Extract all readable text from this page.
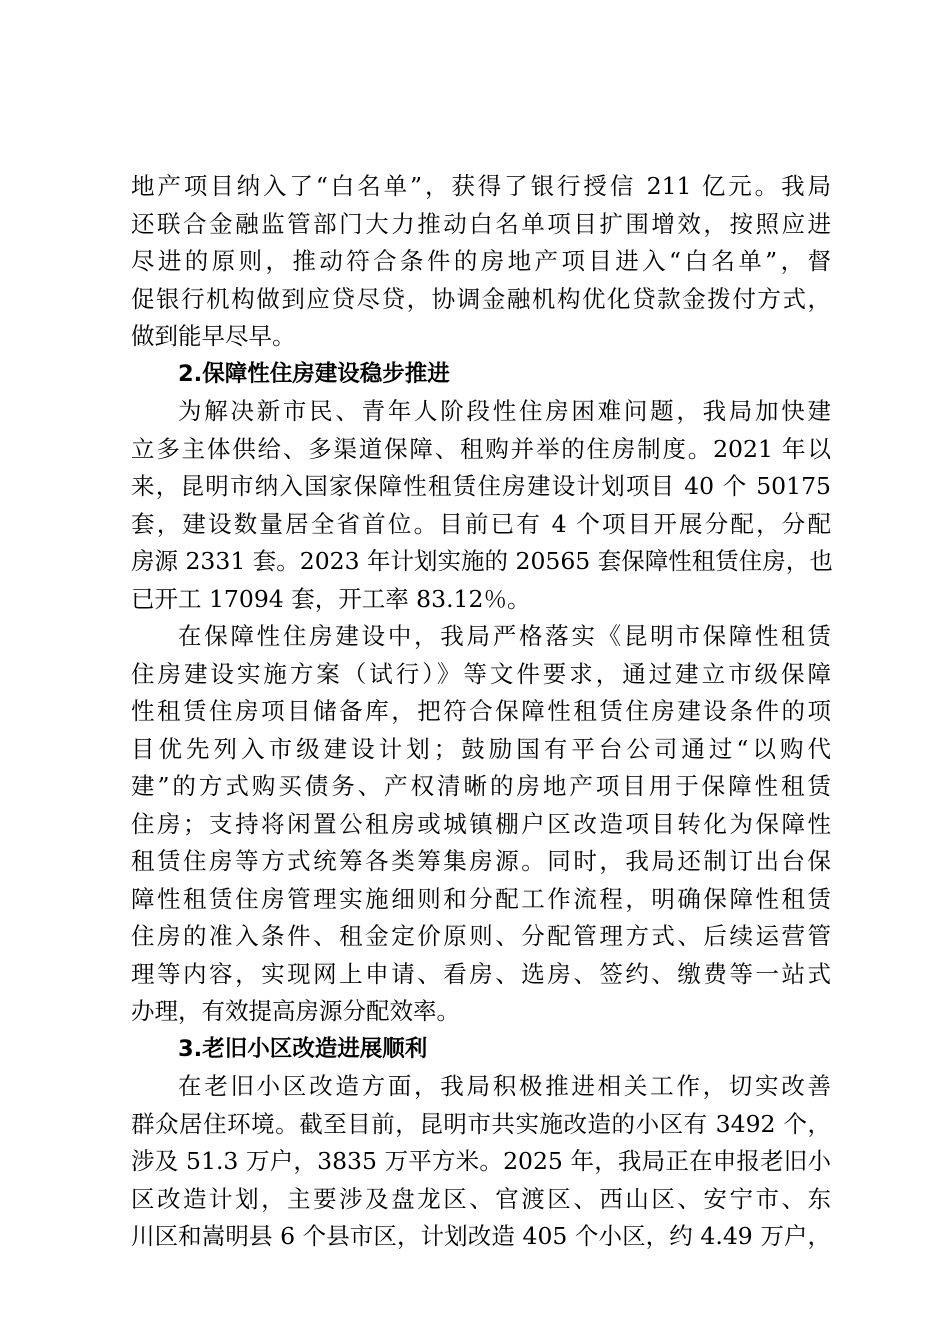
地产项目纳入了“白名单”，获得了银行授信 211 亿元。我局
还联合金融监管部门大力推动白名单项目扩围增效，按照应进
尽进的原则，推动符合条件的房地产项目进入“白名单”，督
促银行机构做到应贷尽贷，协调金融机构优化贷款金拨付方式，
做到能早尽早。
2.保障性住房建设稳步推进
为解决新市民、青年人阶段性住房困难问题，我局加快建
立多主体供给、多渠道保障、租购并举的住房制度。2021 年以
来，昆明市纳入国家保障性租赁住房建设计划项目 40 个 50175
套，建设数量居全省首位。目前已有 4 个项目开展分配，分配
房源 2331 套。2023 年计划实施的 20565 套保障性租赁住房，也
已开工 17094 套，开工率 83.12％。
在保障性住房建设中，我局严格落实《昆明市保障性租赁
住房建设实施方案（试行）》等文件要求，通过建立市级保障
性租赁住房项目储备库，把符合保障性租赁住房建设条件的项
目优先列入市级建设计划；鼓励国有平台公司通过“以购代
建”的方式购买债务、产权清晰的房地产项目用于保障性租赁
住房；支持将闲置公租房或城镇棚户区改造项目转化为保障性
租赁住房等方式统筹各类筹集房源。同时，我局还制订出台保
障性租赁住房管理实施细则和分配工作流程，明确保障性租赁
住房的准入条件、租金定价原则、分配管理方式、后续运营管
理等内容，实现网上申请、看房、选房、签约、缴费等一站式
办理，有效提高房源分配效率。
3.老旧小区改造进展顺利
在老旧小区改造方面，我局积极推进相关工作，切实改善
群众居住环境。截至目前，昆明市共实施改造的小区有 3492 个，
涉及 51.3 万户，3835 万平方米。2025 年，我局正在申报老旧小
区改造计划，主要涉及盘龙区、官渡区、西山区、安宁市、东
川区和嵩明县 6 个县市区，计划改造 405 个小区，约 4.49 万户，
